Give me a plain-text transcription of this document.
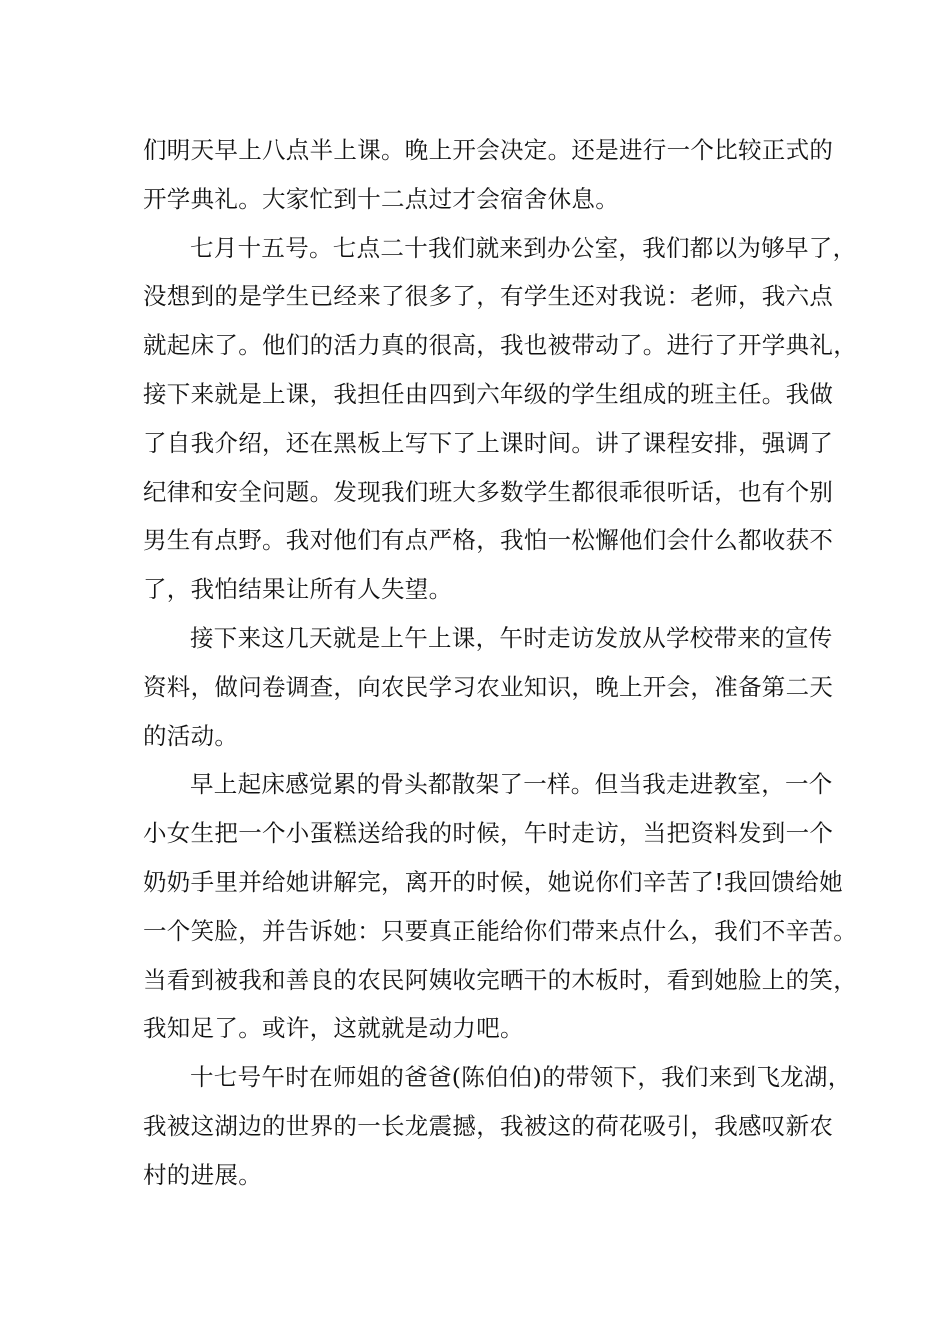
们明天早上八点半上课。晚上开会决定。还是进行一个比较正式的
开学典礼。大家忙到十二点过才会宿舍休息。
七月十五号。七点二十我们就来到办公室，我们都以为够早了，
没想到的是学生已经来了很多了，有学生还对我说：老师，我六点
就起床了。他们的活力真的很高，我也被带动了。进行了开学典礼，
接下来就是上课，我担任由四到六年级的学生组成的班主任。我做
了自我介绍，还在黑板上写下了上课时间。讲了课程安排，强调了
纪律和安全问题。发现我们班大多数学生都很乖很听话，也有个别
男生有点野。我对他们有点严格，我怕一松懈他们会什么都收获不
了，我怕结果让所有人失望。
接下来这几天就是上午上课，午时走访发放从学校带来的宣传
资料，做问卷调查，向农民学习农业知识，晚上开会，准备第二天
的活动。
早上起床感觉累的骨头都散架了一样。但当我走进教室，一个
小女生把一个小蛋糕送给我的时候，午时走访，当把资料发到一个
奶奶手里并给她讲解完，离开的时候，她说你们辛苦了!我回馈给她
一个笑脸，并告诉她：只要真正能给你们带来点什么，我们不辛苦。
当看到被我和善良的农民阿姨收完晒干的木板时，看到她脸上的笑，
我知足了。或许，这就就是动力吧。
十七号午时在师姐的爸爸(陈伯伯)的带领下，我们来到飞龙湖，
我被这湖边的世界的一长龙震撼，我被这的荷花吸引，我感叹新农
村的进展。
